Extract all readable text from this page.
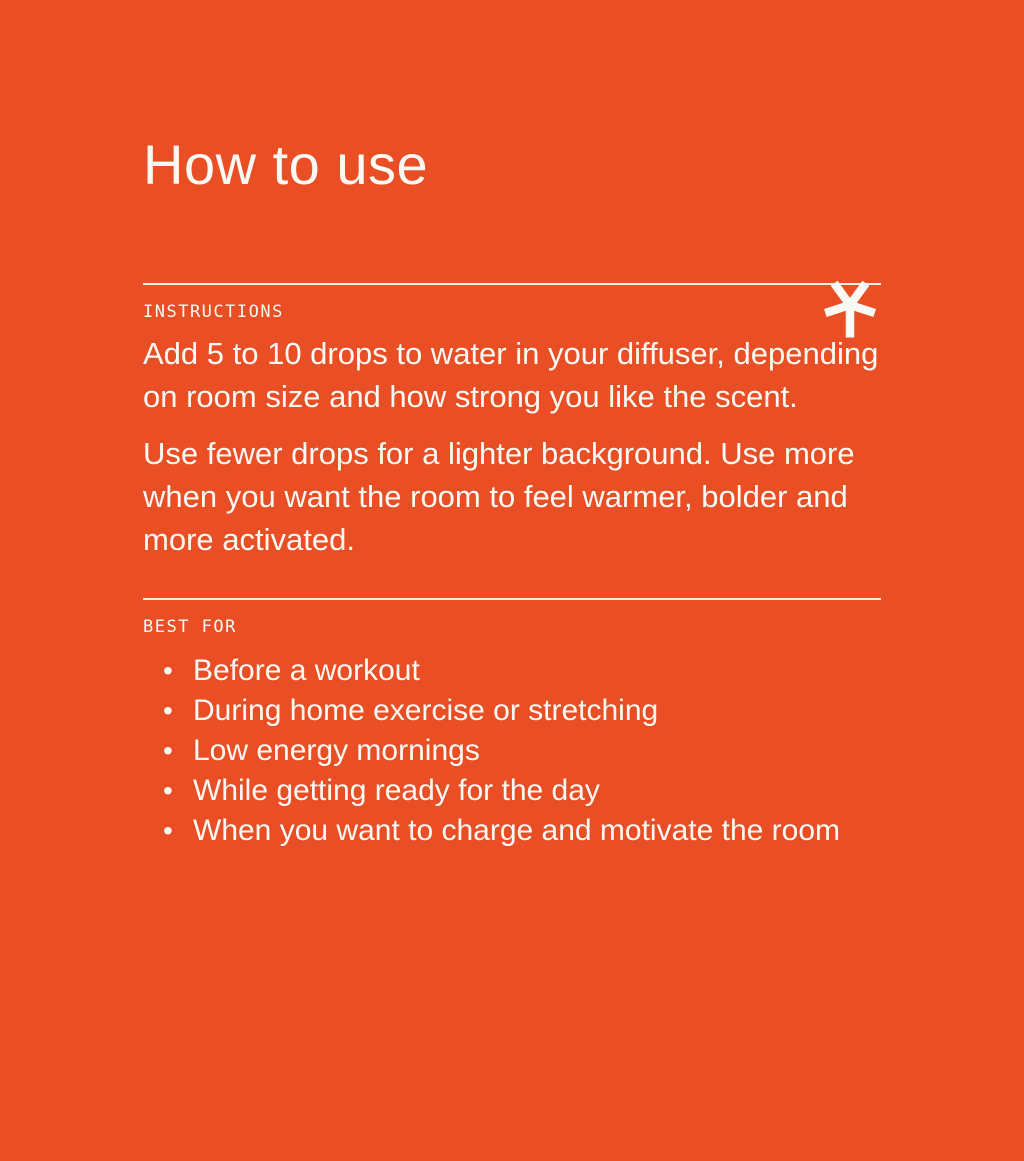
How to use
INSTRUCTIONS

Add 5 to 10 drops to water in your diffuser, depending on room size and how strong you like the scent.

Use fewer drops for a lighter background. Use more when you want the room to feel warmer, bolder and more activated.

BEST FOR
• Before a workout
• During home exercise or stretching
• Low energy mornings
• While getting ready for the day
• When you want to charge and motivate the room
